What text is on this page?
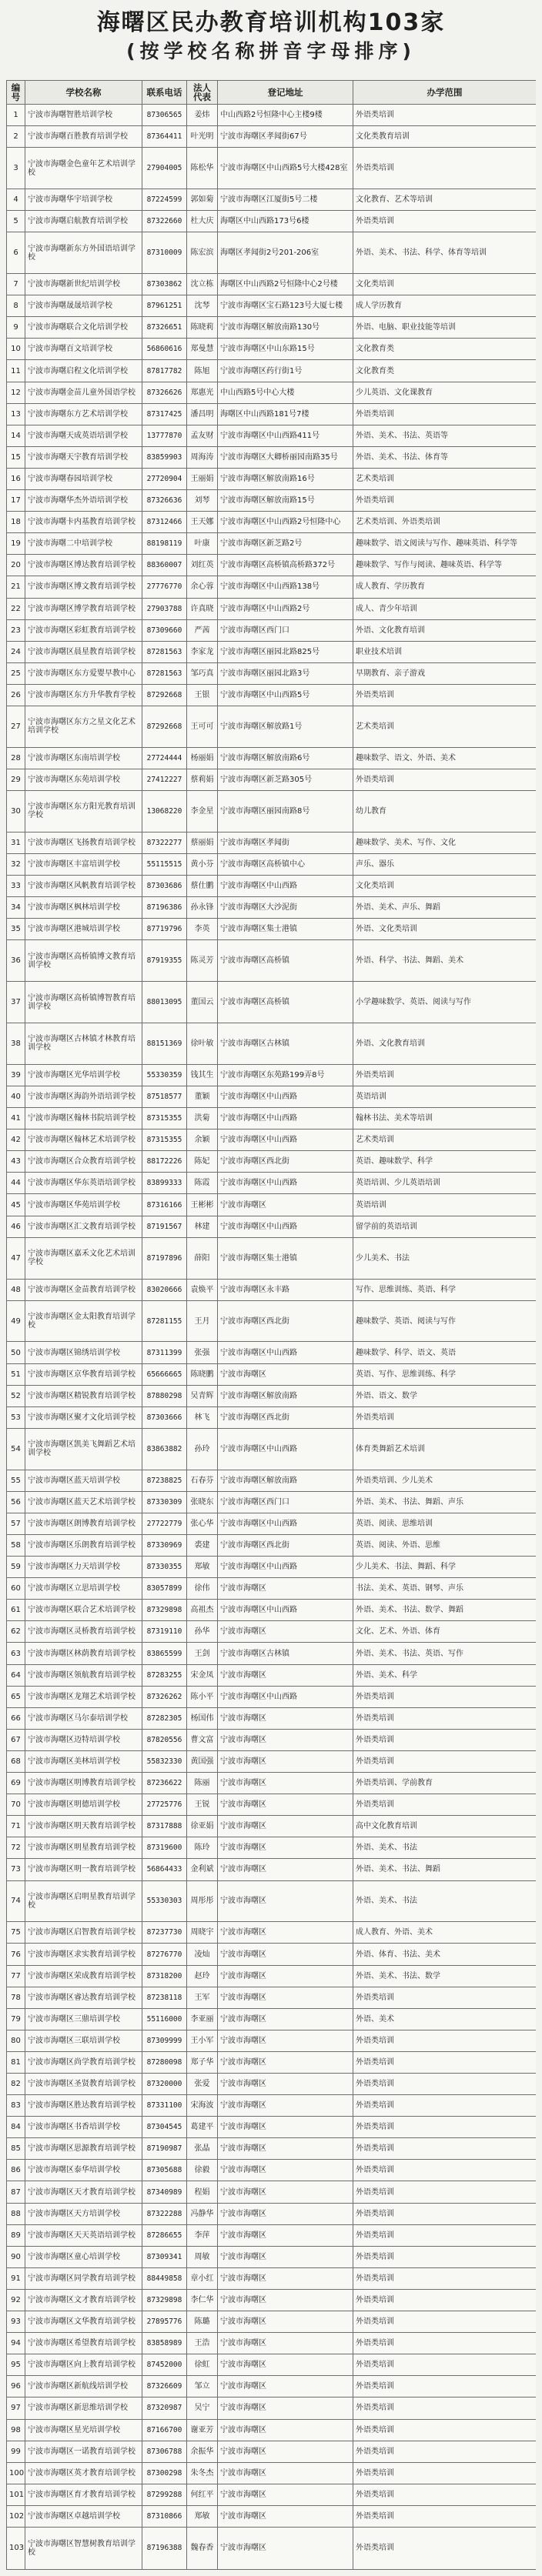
海曙区民办教育培训机构103家
(按学校名称拼音字母排序)
编号	学校名称	联系电话	法人代表	登记地址	办学范围
1	宁波市海曙智胜培训学校	87306565	姜炜	中山西路2号恒隆中心主楼9楼	外语类培训
2	宁波市海曙百胜教育培训学校	87364411	叶光明	宁波市海曙区孝闻街67号	文化类教育培训
3	宁波市海曙金色童年艺术培训学校	27904005	陈松华	宁波市海曙区中山西路5号大楼428室	外语类培训
4	宁波市海曙华宇培训学校	87224599	郭如菊	宁波市海曙区江厦街5号二楼	文化教育、艺术等培训
5	宁波市海曙启航教育培训学校	87322660	杜大庆	海曙区中山西路173号6楼	外语类培训
6	宁波市海曙新东方外国语培训学校	87310009	陈宏滨	海曙区孝闻街2号201-206室	外语、美术、书法、科学、体育等培训
7	宁波市海曙新世纪培训学校	87303862	沈立栋	海曙区中山西路2号恒隆中心2号楼	文化类培训
8	宁波市海曙晟晟培训学校	87961251	沈琴	宁波市海曙区宝石路123号大厦七楼	成人学历教育
9	宁波市海曙联合文化培训学校	87326651	陈晓莉	宁波市海曙区解放南路130号	外语、电脑、职业技能等培训
10	宁波市海曙百文培训学校	56860616	郑曼慧	宁波市海曙区中山东路15号	文化教育类
11	宁波市海曙启程文化培训学校	87817782	陈旭	宁波市海曙区药行街1号	文化教育类
12	宁波市海曙金苗儿童外国语学校	87326626	郑惠光	中山西路5号中心大楼	少儿英语、文化课教育
13	宁波市海曙东方艺术培训学校	87317425	潘昌明	海曙区中山西路181号7楼	外语类培训
14	宁波市海曙天成英语培训学校	13777870	孟友财	宁波市海曙区中山西路411号	外语、美术、书法、英语等
15	宁波市海曙天宇教育培训学校	83859903	周海涛	宁波市海曙区大卿桥丽园南路35号	外语、美术、书法、体育等
16	宁波市海曙春园培训学校	27720904	王丽娟	宁波市海曙区解放南路16号	艺术类培训
17	宁波市海曙华杰外语培训学校	87326636	刘琴	宁波市海曙区解放南路15号	外语类培训
18	宁波市海曙卡内基教育培训学校	87312466	王天娜	宁波市海曙区中山西路2号恒隆中心	艺术类培训、外语类培训
19	宁波市海曙二中培训学校	88198119	叶康	宁波市海曙区新芝路2号	趣味数学、语文阅读与写作、趣味英语、科学等
20	宁波市海曙区博达教育培训学校	88360007	刘红英	宁波市海曙区高桥镇高桥路372号	趣味数学、写作与阅读、趣味英语、科学等
21	宁波市海曙区博文教育培训学校	27776770	余心蓉	宁波市海曙区中山西路138号	成人教育、学历教育
22	宁波市海曙区博学教育培训学校	27903788	许真晓	宁波市海曙区中山西路2号	成人、青少年培训
23	宁波市海曙区彩虹教育培训学校	87309660	严茜	宁波市海曙区西门口	外语、文化教育培训
24	宁波市海曙区晨星教育培训学校	87281563	李家龙	宁波市海曙区丽园北路825号	职业技术培训
25	宁波市海曙区东方爱婴早教中心	87281563	邹巧真	宁波市海曙区丽园北路3号	早期教育、亲子游戏
26	宁波市海曙区东方升华教育学校	87292668	王银	宁波市海曙区中山西路5号	外语类培训
27	宁波市海曙区东方之星文化艺术培训学校	87292668	王可可	宁波市海曙区解放路1号	艺术类培训
28	宁波市海曙区东南培训学校	27724444	杨丽娟	宁波市海曙区解放南路6号	趣味数学、语文、外语、美术
29	宁波市海曙区东苑培训学校	27412227	蔡莉娟	宁波市海曙区新芝路305号	外语类培训
30	宁波市海曙区东方阳光教育培训学校	13068220	李金星	宁波市海曙区丽园南路8号	幼儿教育
31	宁波市海曙区飞扬教育培训学校	87322277	蔡丽娟	宁波市海曙区孝闻街	趣味数学、美术、写作、文化
32	宁波市海曙区丰富培训学校	55115515	黄小芬	宁波市海曙区高桥镇中心	声乐、器乐
33	宁波市海曙区风帆教育培训学校	87303686	蔡仕鹏	宁波市海曙区中山西路	文化类培训
34	宁波市海曙区枫林培训学校	87196386	孙永锋	宁波市海曙区大沙泥街	外语、美术、声乐、舞蹈
35	宁波市海曙区港城培训学校	87719796	李英	宁波市海曙区集士港镇	外语、文化类培训
36	宁波市海曙区高桥镇博文教育培训学校	87919355	陈灵芳	宁波市海曙区高桥镇	外语、科学、书法、舞蹈、美术
37	宁波市海曙区高桥镇博智教育培训学校	88013095	董国云	宁波市海曙区高桥镇	小学趣味数学、英语、阅读与写作
38	宁波市海曙区古林镇才林教育培训学校	88151369	徐叶敏	宁波市海曙区古林镇	外语、文化教育培训
39	宁波市海曙区光华培训学校	55330359	钱其生	宁波市海曙区东苑路199弄8号	外语类培训
40	宁波市海曙区海韵外语培训学校	87518577	董颖	宁波市海曙区中山西路	英语培训
41	宁波市海曙区翰林书院培训学校	87315355	洪菊	宁波市海曙区中山西路	翰林书法、美术等培训
42	宁波市海曙区翰林艺术培训学校	87315355	余颖	宁波市海曙区中山西路	艺术类培训
43	宁波市海曙区合众教育培训学校	88172226	陈妃	宁波市海曙区西北街	英语、趣味数学、科学
44	宁波市海曙区华东英语培训学校	83899333	陈霞	宁波市海曙区中山西路	英语培训、少儿英语培训
45	宁波市海曙区华苑培训学校	87316166	王彬彬	宁波市海曙区	英语培训
46	宁波市海曙区汇文教育培训学校	87191567	林建	宁波市海曙区中山西路	留学前的英语培训
47	宁波市海曙区嘉禾文化艺术培训学校	87197896	薛阳	宁波市海曙区集士港镇	少儿美术、书法
48	宁波市海曙区金苗教育培训学校	83020666	袁焕平	宁波市海曙区永丰路	写作、思维训练、英语、科学
49	宁波市海曙区金太阳教育培训学校	87281155	王月	宁波市海曙区西北街	趣味数学、英语、阅读与写作
50	宁波市海曙区锦绣培训学校	87311399	张强	宁波市海曙区中山西路	趣味数学、科学、语文、英语
51	宁波市海曙区京华教育培训学校	65666665	陈晓鹏	宁波市海曙区	英语、写作、思维训练、科学
52	宁波市海曙区精锐教育培训学校	87880298	吴青辉	宁波市海曙区解放南路	外语、语文、数学
53	宁波市海曙区聚才文化培训学校	87303666	林飞	宁波市海曙区西北街	外语类培训
54	宁波市海曙区凯美飞舞蹈艺术培训学校	83863882	孙玲	宁波市海曙区中山西路	体育类舞蹈艺术培训
55	宁波市海曙区蓝天培训学校	87238825	石春芬	宁波市海曙区解放南路	外语类培训、少儿美术
56	宁波市海曙区蓝天艺术培训学校	87330309	张晓东	宁波市海曙区西门口	外语、美术、书法、舞蹈、声乐
57	宁波市海曙区朗博教育培训学校	27722779	张心华	宁波市海曙区中山西路	英语、阅读、思维培训
58	宁波市海曙区乐朗教育培训学校	87330969	裘建	宁波市海曙区西北街	英语、阅读、外语、思维
59	宁波市海曙区力天培训学校	87330355	郑敏	宁波市海曙区中山西路	少儿美术、书法、舞蹈、科学
60	宁波市海曙区立思培训学校	83057899	徐伟	宁波市海曙区	书法、美术、英语、钢琴、声乐
61	宁波市海曙区联合艺术培训学校	87329898	高祖杰	宁波市海曙区中山西路	外语、美术、书法、数学、舞蹈
62	宁波市海曙区灵桥教育培训学校	87319110	孙华	宁波市海曙区	文化、艺术、外语、体育
63	宁波市海曙区林荫教育培训学校	83865599	王剑	宁波市海曙区古林镇	外语、美术、书法、英语、写作
64	宁波市海曙区领航教育培训学校	87283255	宋金凤	宁波市海曙区	外语、美术、科学
65	宁波市海曙区龙翔艺术培训学校	87326262	陈小平	宁波市海曙区中山西路	外语类培训
66	宁波市海曙区马尔泰培训学校	87282305	杨国伟	宁波市海曙区	外语类培训
67	宁波市海曙区迈特培训学校	87820556	曹文富	宁波市海曙区	外语类培训
68	宁波市海曙区美林培训学校	55832330	黄国强	宁波市海曙区	外语类培训
69	宁波市海曙区明博教育培训学校	87236622	陈丽	宁波市海曙区	外语类培训、学前教育
70	宁波市海曙区明德培训学校	27725776	王锐	宁波市海曙区	外语类培训
71	宁波市海曙区明天教育培训学校	87317888	徐亚娟	宁波市海曙区	高中文化教育培训
72	宁波市海曙区明星教育培训学校	87319600	陈玲	宁波市海曙区	外语、美术、书法
73	宁波市海曙区明一教育培训学校	56864433	金利斌	宁波市海曙区	外语、美术、书法、舞蹈
74	宁波市海曙区启明星教育培训学校	55330303	周彤彤	宁波市海曙区	外语、美术、书法
75	宁波市海曙区启智教育培训学校	87237730	周晓宇	宁波市海曙区	成人教育、外语、美术
76	宁波市海曙区求实教育培训学校	87276770	凌灿	宁波市海曙区	外语、体育、书法、美术
77	宁波市海曙区荣成教育培训学校	87318200	赵玲	宁波市海曙区	外语、美术、书法、数学
78	宁波市海曙区睿达教育培训学校	87238118	王军	宁波市海曙区	外语类培训
79	宁波市海曙区三鼎培训学校	55116000	李亚丽	宁波市海曙区	外语、美术
80	宁波市海曙区三联培训学校	87309999	王小军	宁波市海曙区	外语类培训
81	宁波市海曙区尚学教育培训学校	87280098	郑子华	宁波市海曙区	外语类培训
82	宁波市海曙区圣贤教育培训学校	87320000	张爱	宁波市海曙区	外语类培训
83	宁波市海曙区胜达教育培训学校	87331100	宋海波	宁波市海曙区	外语类培训
84	宁波市海曙区书香培训学校	87304545	葛建平	宁波市海曙区	外语类培训
85	宁波市海曙区思源教育培训学校	87190987	张晶	宁波市海曙区	外语类培训
86	宁波市海曙区泰华培训学校	87305688	徐毅	宁波市海曙区	外语类培训
87	宁波市海曙区天才教育培训学校	87340989	程娟	宁波市海曙区	外语类培训
88	宁波市海曙区天方培训学校	87322288	冯静华	宁波市海曙区	外语类培训
89	宁波市海曙区天天英语培训学校	87286655	李萍	宁波市海曙区	外语类培训
90	宁波市海曙区童心培训学校	87309341	周敏	宁波市海曙区	外语类培训
91	宁波市海曙区同学教育培训学校	88449858	章小红	宁波市海曙区	外语类培训
92	宁波市海曙区文才教育培训学校	87329898	李仁华	宁波市海曙区	外语类培训
93	宁波市海曙区文华教育培训学校	27895776	陈璐	宁波市海曙区	外语类培训
94	宁波市海曙区希望教育培训学校	83858989	王浩	宁波市海曙区	外语类培训
95	宁波市海曙区向上教育培训学校	87452000	徐虹	宁波市海曙区	外语类培训
96	宁波市海曙区新航线培训学校	87326609	邹立	宁波市海曙区	外语类培训
97	宁波市海曙区新思维培训学校	87320987	吴宁	宁波市海曙区	外语类培训
98	宁波市海曙区星光培训学校	87166700	谢亚芳	宁波市海曙区	外语类培训
99	宁波市海曙区一诺教育培训学校	87306788	余振华	宁波市海曙区	外语类培训
100	宁波市海曙区英才教育培训学校	87300298	朱冬杰	宁波市海曙区	外语类培训
101	宁波市海曙区育才教育培训学校	87299288	何红平	宁波市海曙区	外语类培训
102	宁波市海曙区卓越培训学校	87310866	郑敏	宁波市海曙区	外语类培训
103	宁波市海曙区智慧树教育培训学校	87196388	魏春香	宁波市海曙区	外语类培训
